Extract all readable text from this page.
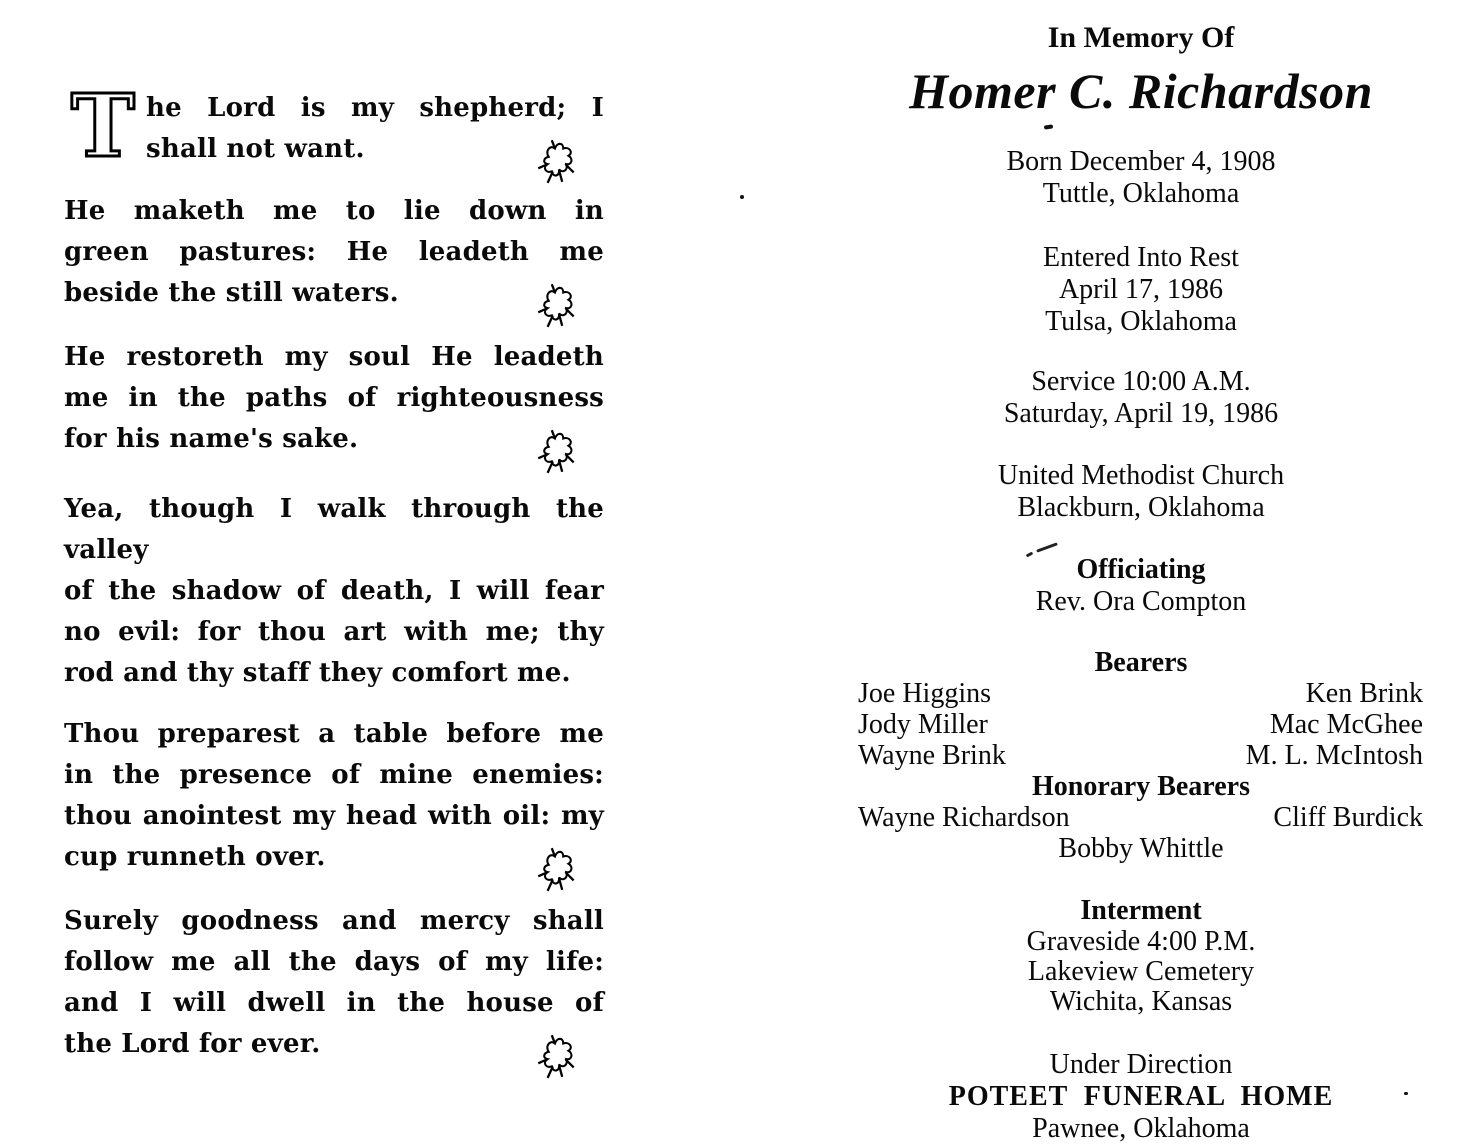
T he Lord is my shepherd; I
shall not want.
He maketh me to lie down in
green pastures: He leadeth me
beside the still waters.
He restoreth my soul He leadeth
me in the paths of righteousness
for his name's sake.
Yea, though I walk through the valley
of the shadow of death, I will fear
no evil: for thou art with me; thy
rod and thy staff they comfort me.
Thou preparest a table before me
in the presence of mine enemies:
thou anointest my head with oil: my
cup runneth over.
Surely goodness and mercy shall
follow me all the days of my life:
and I will dwell in the house of
the Lord for ever.
In Memory Of
Homer C. Richardson
Born December 4, 1908
Tuttle, Oklahoma
Entered Into Rest
April 17, 1986
Tulsa, Oklahoma
Service 10:00 A.M.
Saturday, April 19, 1986
United Methodist Church
Blackburn, Oklahoma
Officiating
Rev. Ora Compton
Bearers
Joe Higgins	Ken Brink
Jody Miller	Mac McGhee
Wayne Brink	M. L. McIntosh
Honorary Bearers
Wayne Richardson	Cliff Burdick
Bobby Whittle
Interment
Graveside 4:00 P.M.
Lakeview Cemetery
Wichita, Kansas
Under Direction
POTEET FUNERAL HOME
Pawnee, Oklahoma
